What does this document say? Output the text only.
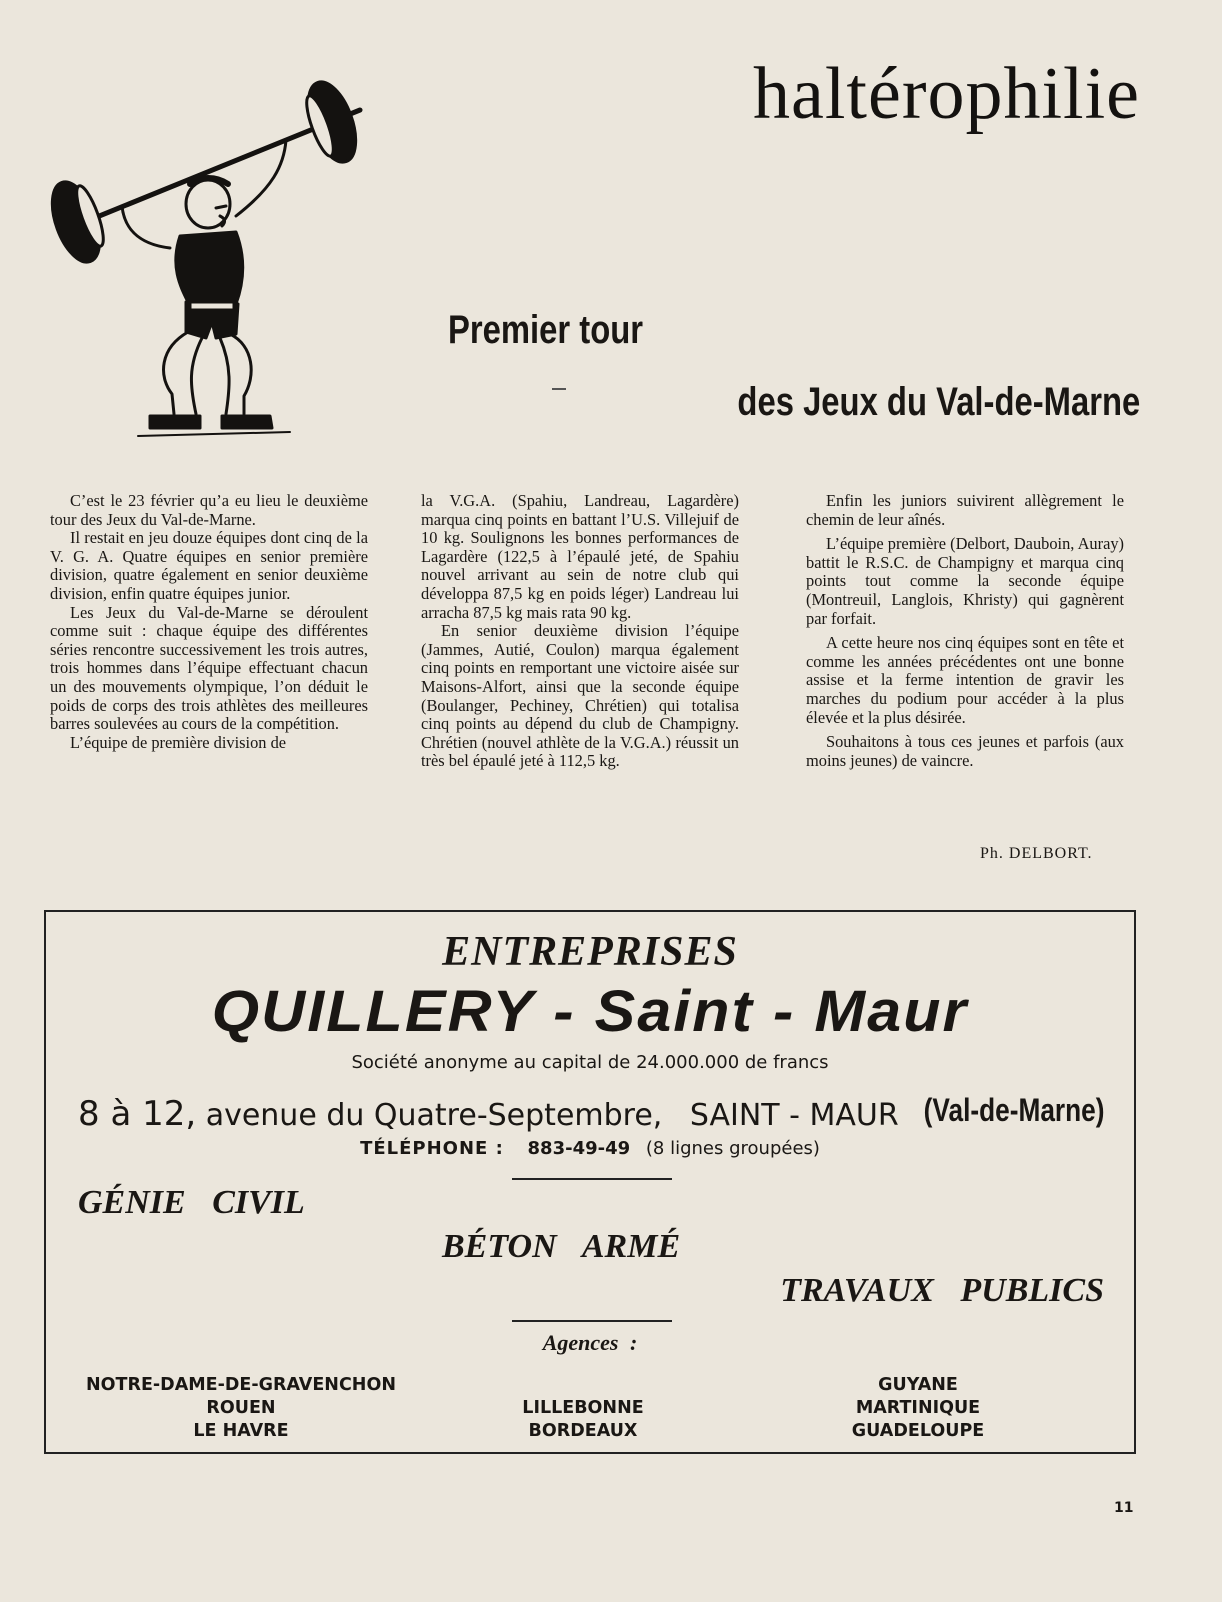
haltérophilie
Premier tour
des Jeux du Val-de-Marne

C’est le 23 février qu’a eu lieu le deuxième tour des Jeux du Val-de-Marne.

Il restait en jeu douze équipes dont cinq de la V. G. A. Quatre équipes en senior première division, quatre également en senior deuxième division, enfin quatre équipes junior.

Les Jeux du Val-de-Marne se déroulent comme suit : chaque équipe des différentes séries rencontre successivement les trois autres, trois hommes dans l’équipe effectuant chacun un des mouvements olympique, l’on déduit le poids de corps des trois athlètes des meilleures barres soulevées au cours de la compétition.

L’équipe de première division de

la V.G.A. (Spahiu, Landreau, Lagardère) marqua cinq points en battant l’U.S. Villejuif de 10 kg. Soulignons les bonnes performances de Lagardère (122,5 à l’épaulé jeté, de Spahiu nouvel arrivant au sein de notre club qui développa 87,5 kg en poids léger) Landreau lui arracha 87,5 kg mais rata 90 kg.

En senior deuxième division l’équipe (Jammes, Autié, Coulon) marqua également cinq points en remportant une victoire aisée sur Maisons-Alfort, ainsi que la seconde équipe (Boulanger, Pechiney, Chrétien) qui totalisa cinq points au dépend du club de Champigny. Chrétien (nouvel athlète de la V.G.A.) réussit un très bel épaulé jeté à 112,5 kg.

Enfin les juniors suivirent allègrement le chemin de leur aînés.

L’équipe première (Delbort, Dauboin, Auray) battit le R.S.C. de Champigny et marqua cinq points tout comme la seconde équipe (Montreuil, Langlois, Khristy) qui gagnèrent par forfait.

A cette heure nos cinq équipes sont en tête et comme les années précédentes ont une bonne assise et la ferme intention de gravir les marches du podium pour accéder à la plus élevée et la plus désirée.

Souhaitons à tous ces jeunes et parfois (aux moins jeunes) de vaincre.

Ph. DELBORT.
ENTREPRISES
QUILLERY - Saint - Maur
Société anonyme au capital de 24.000.000 de francs
8 à 12, avenue du Quatre-Septembre, SAINT - MAUR (Val-de-Marne)
TÉLÉPHONE : 883-49-49 (8 lignes groupées)
GÉNIE CIVIL
BÉTON ARMÉ
TRAVAUX PUBLICS
Agences :
NOTRE-DAME-DE-GRAVENCHON
ROUEN
LE HAVRE
LILLEBONNE
BORDEAUX
GUYANE
MARTINIQUE
GUADELOUPE
11
